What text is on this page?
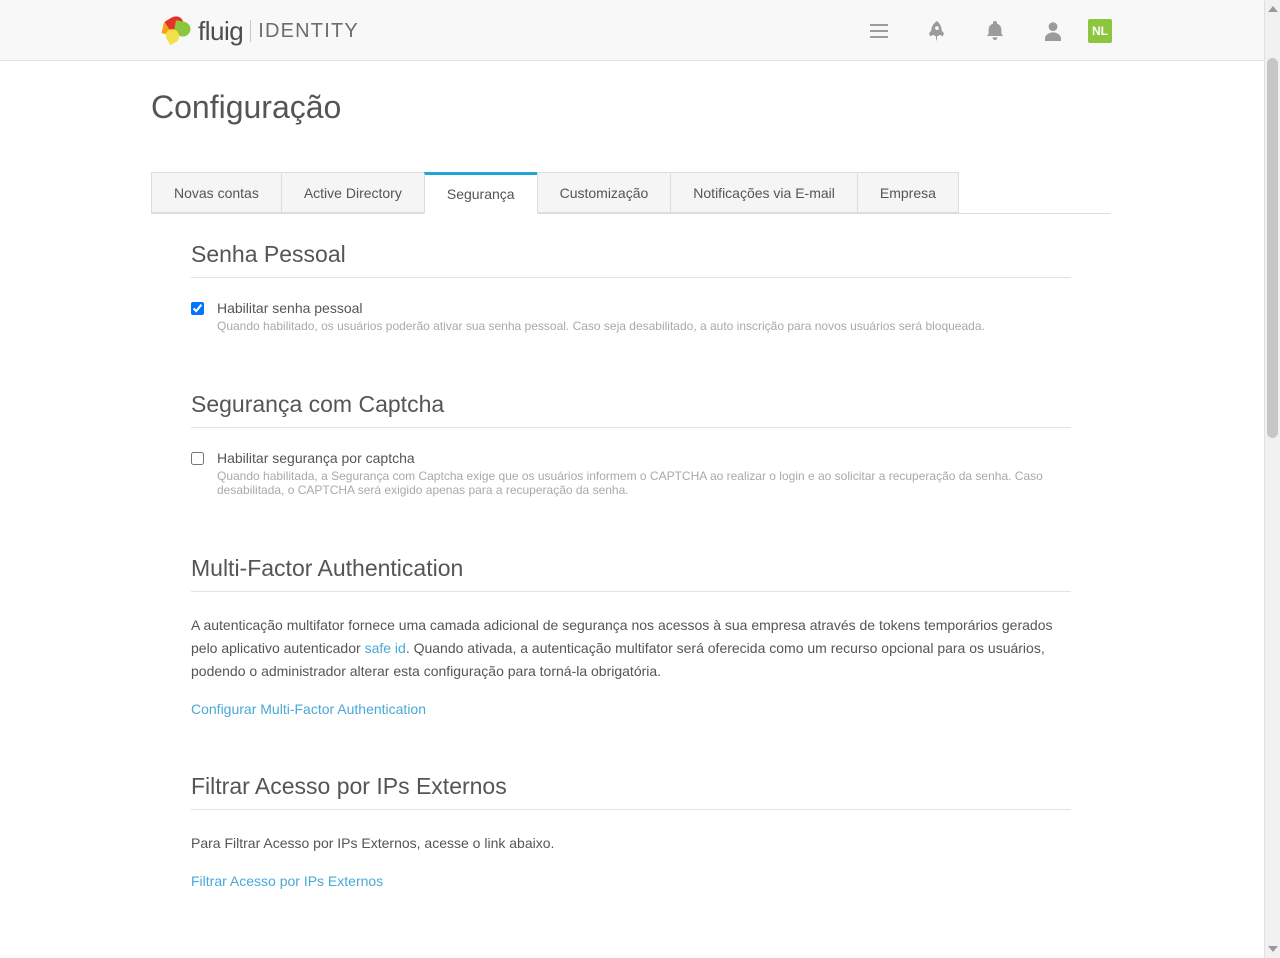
fluig IDENTITY	NL
Configuração
Novas contas	Active Directory	Segurança	Customização	Notificações via E-mail	Empresa
Senha Pessoal
Habilitar senha pessoal
Quando habilitado, os usuários poderão ativar sua senha pessoal. Caso seja desabilitado, a auto inscrição para novos usuários será bloqueada.
Segurança com Captcha
Habilitar segurança por captcha
Quando habilitada, a Segurança com Captcha exige que os usuários informem o CAPTCHA ao realizar o login e ao solicitar a recuperação da senha. Caso desabilitada, o CAPTCHA será exigido apenas para a recuperação da senha.
Multi-Factor Authentication

A autenticação multifator fornece uma camada adicional de segurança nos acessos à sua empresa através de tokens temporários gerados pelo aplicativo autenticador safe id. Quando ativada, a autenticação multifator será oferecida como um recurso opcional para os usuários, podendo o administrador alterar esta configuração para torná-la obrigatória.

Configurar Multi-Factor Authentication
Filtrar Acesso por IPs Externos

Para Filtrar Acesso por IPs Externos, acesse o link abaixo.

Filtrar Acesso por IPs Externos
